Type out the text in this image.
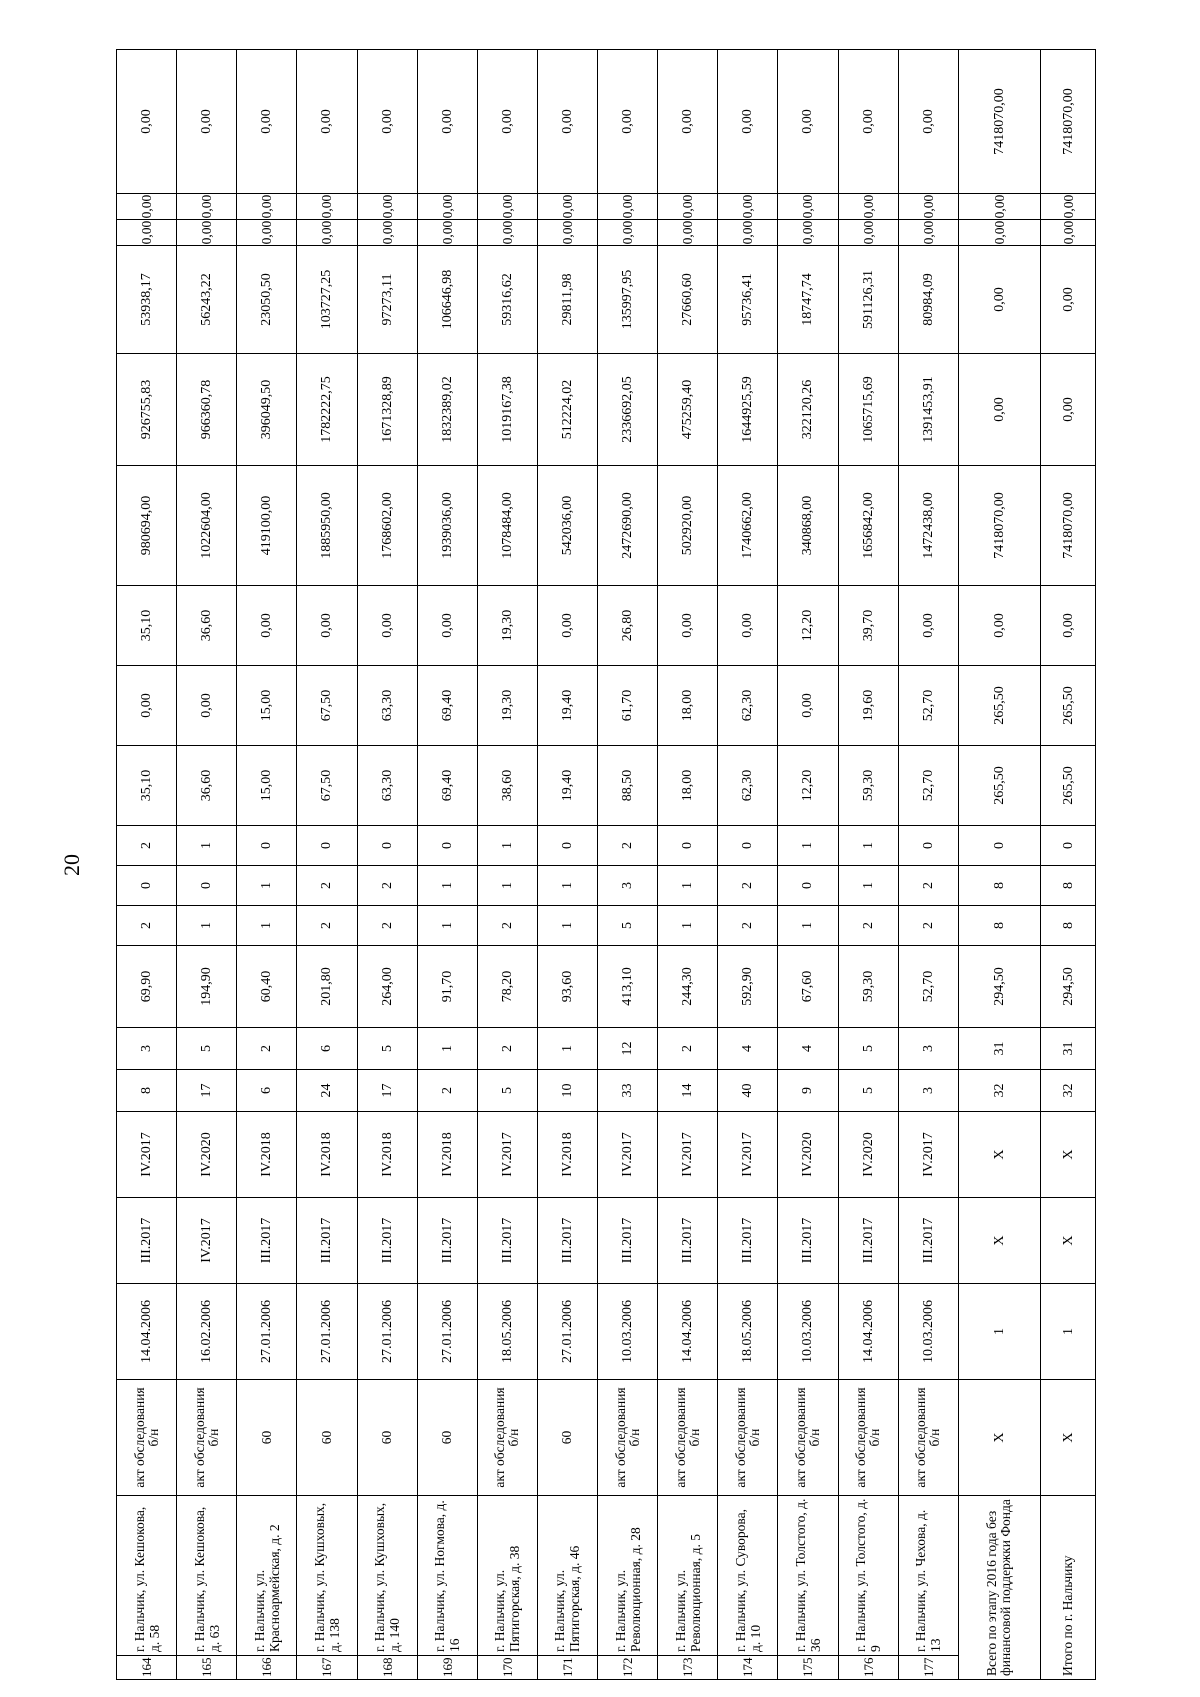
20
164	г. Нальчик, ул. Кешокова, д. 58	акт обследования б/н	14.04.2006	III.2017	IV.2017	8	3	69,90	2	0	2	35,10	0,00	35,10	980694,00	926755,83	53938,17	0,00	0,00	0,00
165	г. Нальчик, ул. Кешокова, д. 63	акт обследования б/н	16.02.2006	IV.2017	IV.2020	17	5	194,90	1	0	1	36,60	0,00	36,60	1022604,00	966360,78	56243,22	0,00	0,00	0,00
166	г. Нальчик, ул. Красноармейская, д. 2	60	27.01.2006	III.2017	IV.2018	6	2	60,40	1	1	0	15,00	15,00	0,00	419100,00	396049,50	23050,50	0,00	0,00	0,00
167	г. Нальчик, ул. Кушховых, д. 138	60	27.01.2006	III.2017	IV.2018	24	6	201,80	2	2	0	67,50	67,50	0,00	1885950,00	1782222,75	103727,25	0,00	0,00	0,00
168	г. Нальчик, ул. Кушховых, д. 140	60	27.01.2006	III.2017	IV.2018	17	5	264,00	2	2	0	63,30	63,30	0,00	1768602,00	1671328,89	97273,11	0,00	0,00	0,00
169	г. Нальчик, ул. Ногмова, д. 16	60	27.01.2006	III.2017	IV.2018	2	1	91,70	1	1	0	69,40	69,40	0,00	1939036,00	1832389,02	106646,98	0,00	0,00	0,00
170	г. Нальчик, ул. Пятигорская, д. 38	акт обследования б/н	18.05.2006	III.2017	IV.2017	5	2	78,20	2	1	1	38,60	19,30	19,30	1078484,00	1019167,38	59316,62	0,00	0,00	0,00
171	г. Нальчик, ул. Пятигорская, д. 46	60	27.01.2006	III.2017	IV.2018	10	1	93,60	1	1	0	19,40	19,40	0,00	542036,00	512224,02	29811,98	0,00	0,00	0,00
172	г. Нальчик, ул. Революционная, д. 28	акт обследования б/н	10.03.2006	III.2017	IV.2017	33	12	413,10	5	3	2	88,50	61,70	26,80	2472690,00	2336692,05	135997,95	0,00	0,00	0,00
173	г. Нальчик, ул. Революционная, д. 5	акт обследования б/н	14.04.2006	III.2017	IV.2017	14	2	244,30	1	1	0	18,00	18,00	0,00	502920,00	475259,40	27660,60	0,00	0,00	0,00
174	г. Нальчик, ул. Суворова, д. 10	акт обследования б/н	18.05.2006	III.2017	IV.2017	40	4	592,90	2	2	0	62,30	62,30	0,00	1740662,00	1644925,59	95736,41	0,00	0,00	0,00
175	г. Нальчик, ул. Толстого, д. 36	акт обследования б/н	10.03.2006	III.2017	IV.2020	9	4	67,60	1	0	1	12,20	0,00	12,20	340868,00	322120,26	18747,74	0,00	0,00	0,00
176	г. Нальчик, ул. Толстого, д. 9	акт обследования б/н	14.04.2006	III.2017	IV.2020	5	5	59,30	2	1	1	59,30	19,60	39,70	1656842,00	1065715,69	591126,31	0,00	0,00	0,00
177	г. Нальчик, ул. Чехова, д. 13	акт обследования б/н	10.03.2006	III.2017	IV.2017	3	3	52,70	2	2	0	52,70	52,70	0,00	1472438,00	1391453,91	80984,09	0,00	0,00	0,00
Всего по этапу 2016 года без финансовой поддержки Фонда		X	1	X	X	32	31	294,50	8	8	0	265,50	265,50	0,00	7418070,00	0,00	0,00	0,00	0,00	7418070,00
Итого по г. Нальчику		X	1	X	X	32	31	294,50	8	8	0	265,50	265,50	0,00	7418070,00	0,00	0,00	0,00	0,00	7418070,00
